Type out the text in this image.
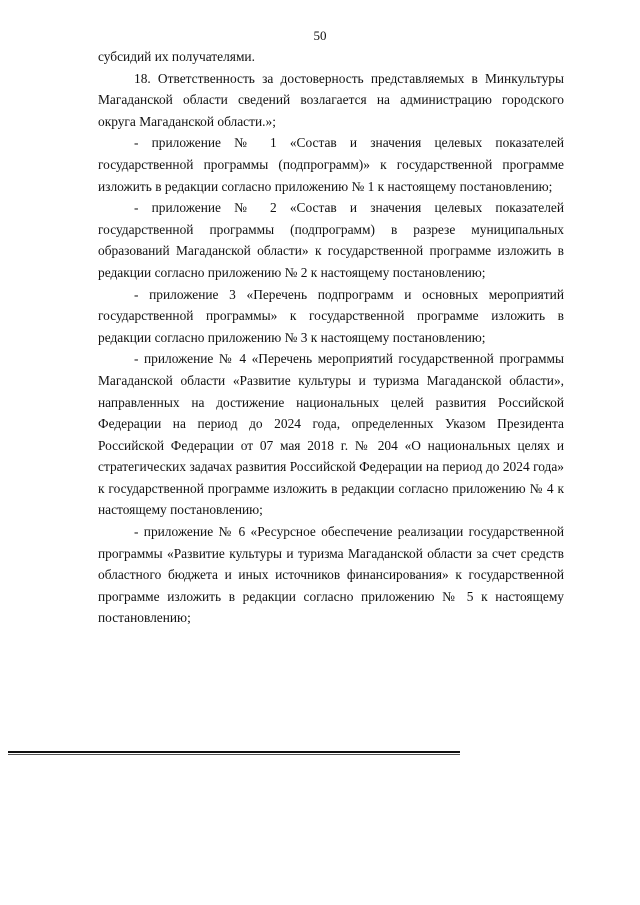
50

субсидий их получателями.

18. Ответственность за достоверность представляемых в Минкультуры Магаданской области сведений возлагается на администрацию городского округа Магаданской области.»;

- приложение № 1 «Состав и значения целевых показателей государственной программы (подпрограмм)» к государственной программе изложить в редакции согласно приложению № 1 к настоящему постановлению;

- приложение № 2 «Состав и значения целевых показателей государственной программы (подпрограмм) в разрезе муниципальных образований Магаданской области» к государственной программе изложить в редакции согласно приложению № 2 к настоящему постановлению;

- приложение 3 «Перечень подпрограмм и основных мероприятий государственной программы» к государственной программе изложить в редакции согласно приложению № 3 к настоящему постановлению;

- приложение № 4 «Перечень мероприятий государственной программы Магаданской области «Развитие культуры и туризма Магаданской области», направленных на достижение национальных целей развития Российской Федерации на период до 2024 года, определенных Указом Президента Российской Федерации от 07 мая 2018 г. № 204 «О национальных целях и стратегических задачах развития Российской Федерации на период до 2024 года» к государственной программе изложить в редакции согласно приложению № 4 к настоящему постановлению;

- приложение № 6 «Ресурсное обеспечение реализации государственной программы «Развитие культуры и туризма Магаданской области за счет средств областного бюджета и иных источников финансирования» к государственной программе изложить в редакции согласно приложению № 5 к настоящему постановлению;
